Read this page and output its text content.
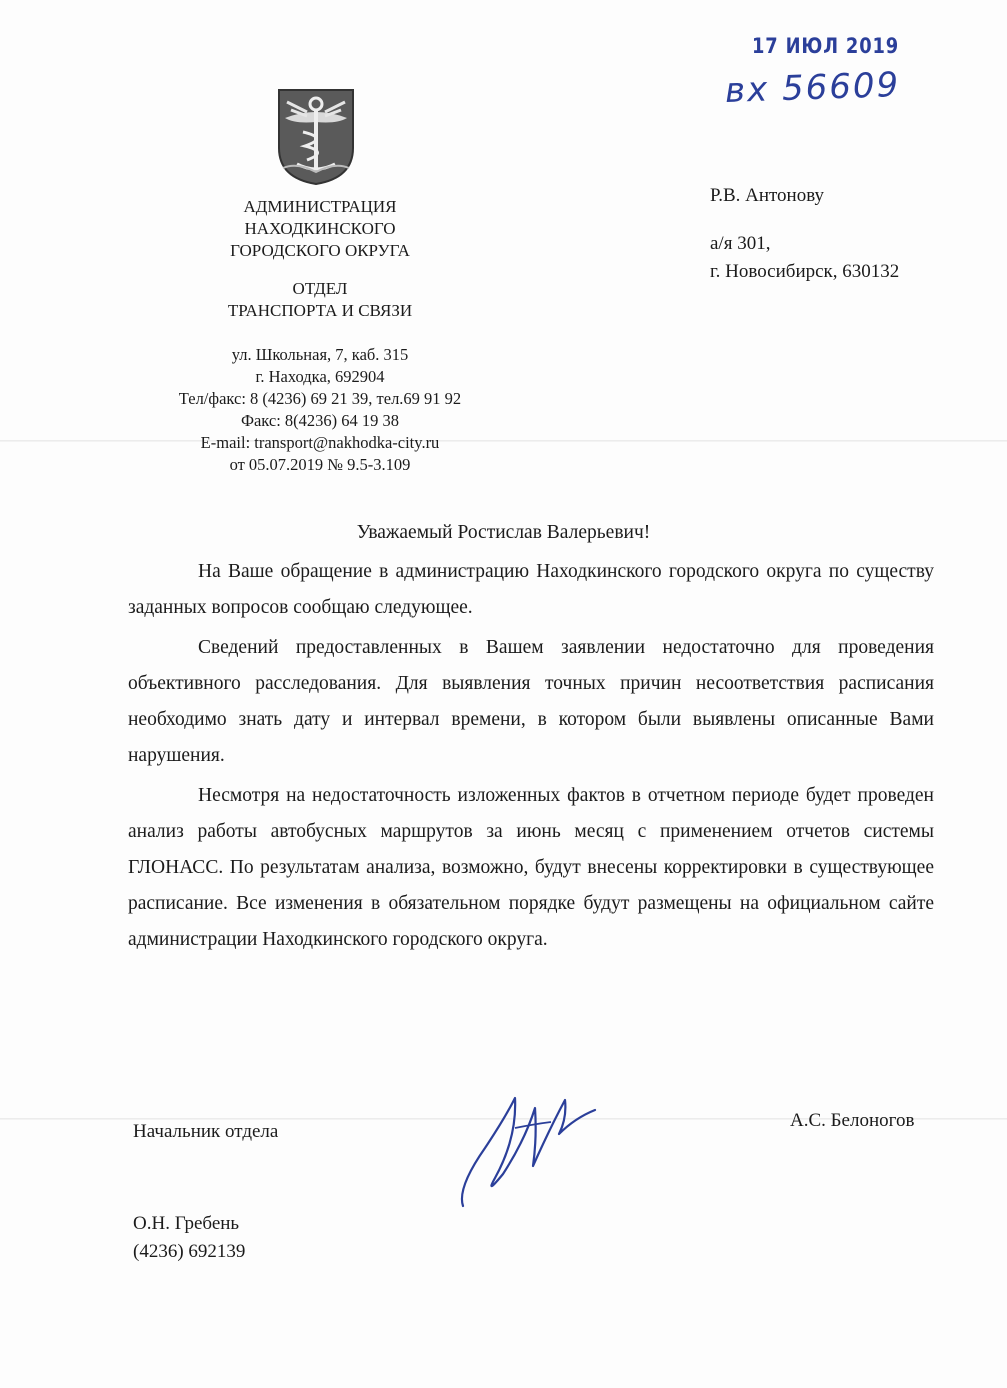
17 ИЮЛ 2019
вх 56609
АДМИНИСТРАЦИЯ
НАХОДКИНСКОГО
ГОРОДСКОГО ОКРУГА
ОТДЕЛ
ТРАНСПОРТА И СВЯЗИ
ул. Школьная, 7, каб. 315
г. Находка, 692904
Тел/факс: 8 (4236) 69 21 39, тел.69 91 92
Факс: 8(4236) 64 19 38
E-mail: transport@nakhodka-city.ru
от 05.07.2019 № 9.5-3.109
Р.В. Антонову
а/я 301,
г. Новосибирск, 630132
Уважаемый Ростислав Валерьевич!

На Ваше обращение в администрацию Находкинского городского округа по существу заданных вопросов сообщаю следующее.

Сведений предоставленных в Вашем заявлении недостаточно для проведения объективного расследования. Для выявления точных причин несоответствия расписания необходимо знать дату и интервал времени, в котором были выявлены описанные Вами нарушения.

Несмотря на недостаточность изложенных фактов в отчетном периоде будет проведен анализ работы автобусных маршрутов за июнь месяц с применением отчетов системы ГЛОНАСС. По результатам анализа, возможно, будут внесены корректировки в существующее расписание. Все изменения в обязательном порядке будут размещены на официальном сайте администрации Находкинского городского округа.

Начальник отдела
А.С. Белоногов
О.Н. Гребень
(4236) 692139
